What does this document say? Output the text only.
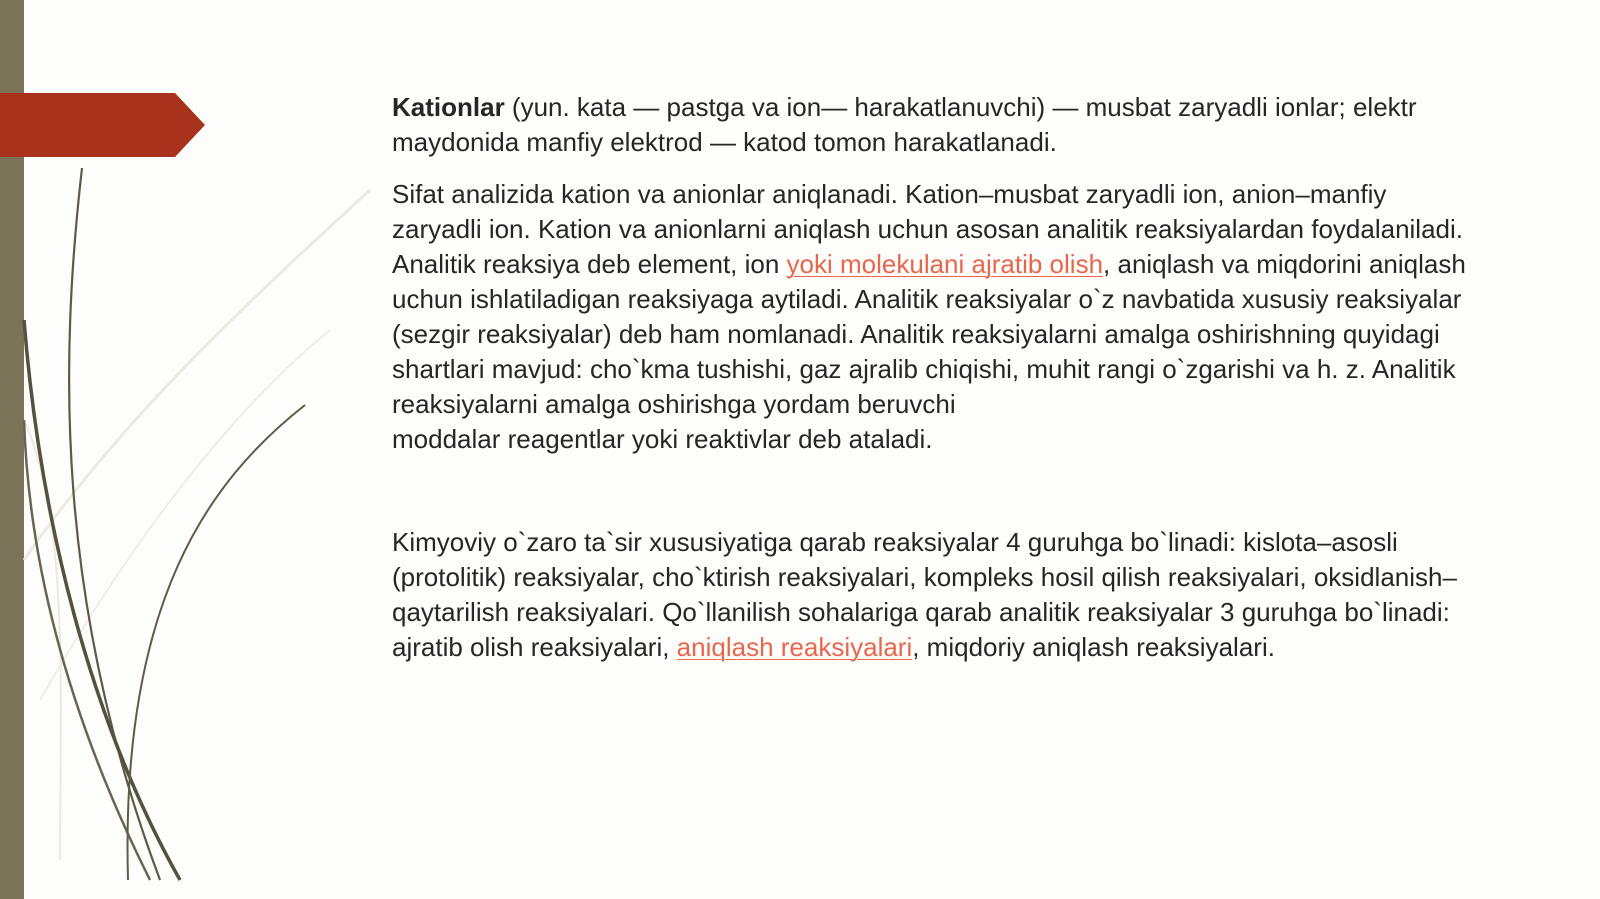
Kationlar (yun. kata — pastga va ion— harakatlanuvchi) — musbat zaryadli ionlar; elektr maydonida manfiy elektrod — katod tomon harakatlanadi.

Sifat analizida kation va anionlar aniqlanadi. Kation–musbat zaryadli ion, anion–manfiy zaryadli ion. Kation va anionlarni aniqlash uchun asosan analitik reaksiyalardan foydalaniladi. Analitik reaksiya deb element, ion yoki molekulani ajratib olish, aniqlash va miqdorini aniqlash uchun ishlatiladigan reaksiyaga aytiladi. Analitik reaksiyalar o`z navbatida xususiy reaksiyalar (sezgir reaksiyalar) deb ham nomlanadi. Analitik reaksiyalarni amalga oshirishning quyidagi shartlari mavjud: cho`kma tushishi, gaz ajralib chiqishi, muhit rangi o`zgarishi va h. z. Analitik reaksiyalarni amalga oshirishga yordam beruvchi
moddalar reagentlar yoki reaktivlar deb ataladi.

Kimyoviy o`zaro ta`sir xususiyatiga qarab reaksiyalar 4 guruhga bo`linadi: kislota–asosli (protolitik) reaksiyalar, cho`ktirish reaksiyalari, kompleks hosil qilish reaksiyalari, oksidlanish–qaytarilish reaksiyalari. Qo`llanilish sohalariga qarab analitik reaksiyalar 3 guruhga bo`linadi: ajratib olish reaksiyalari, aniqlash reaksiyalari, miqdoriy aniqlash reaksiyalari.
